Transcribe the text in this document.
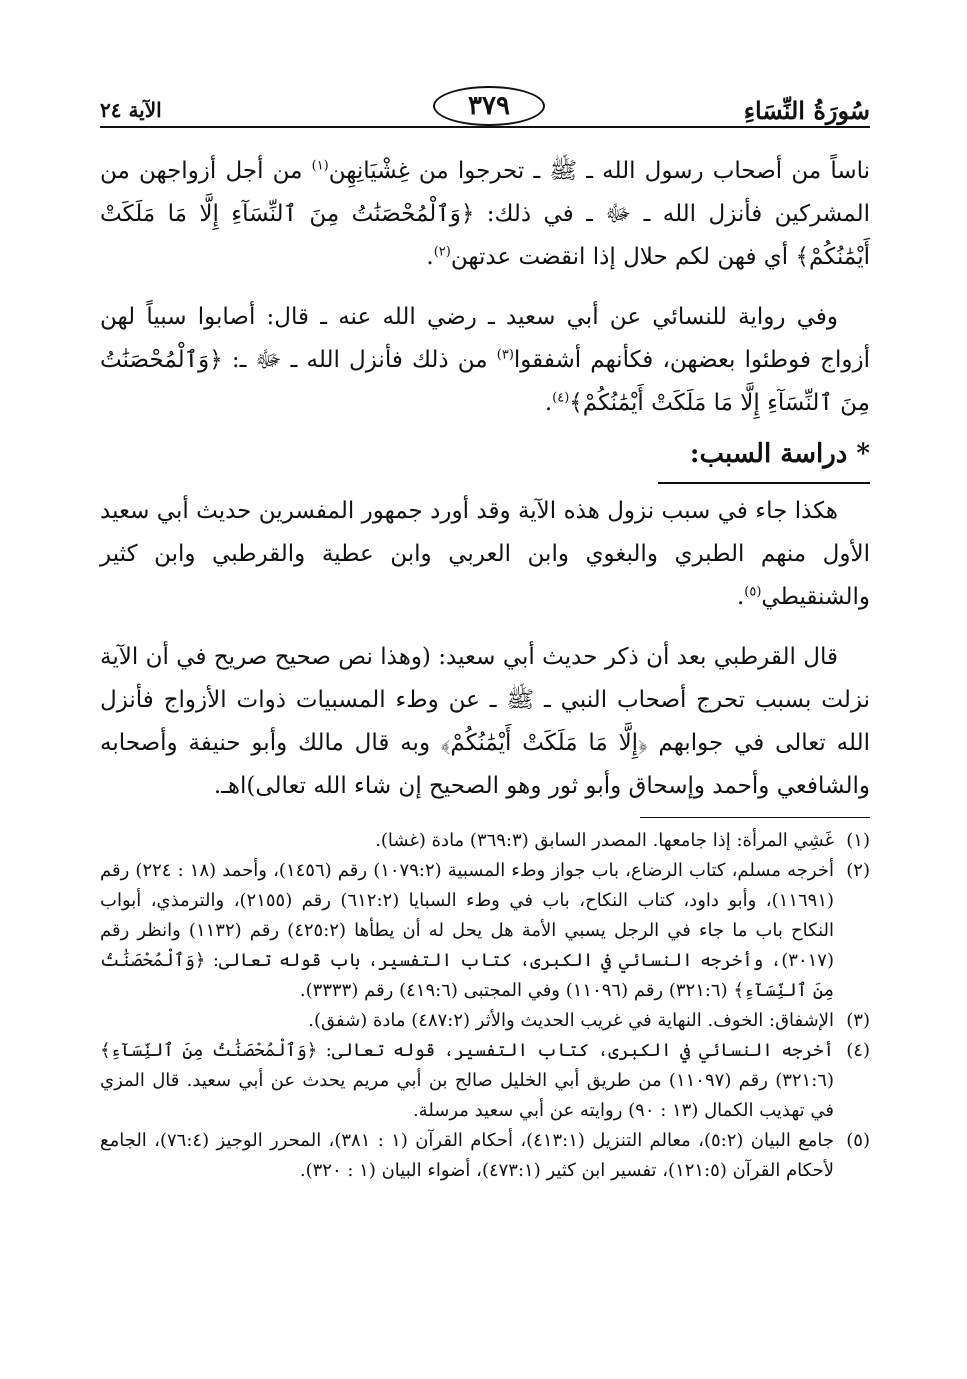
سُورَةُ النِّسَاءِ
٣٧٩
الآية ٢٤

ناساً من أصحاب رسول الله ـ ﷺ ـ تحرجوا من غِشْيَانِهِن$^{(١)}$ من أجل أزواجهن من المشركين فأنزل الله ـ ﷻ ـ في ذلك: ﴿وَٱلْمُحْصَنَٰتُ مِنَ ٱلنِّسَآءِ إِلَّا مَا مَلَكَتْ أَيْمَٰنُكُمْ﴾ أي فهن لكم حلال إذا انقضت عدتهن$^{(٢)}$.

وفي رواية للنسائي عن أبي سعيد ـ رضي الله عنه ـ قال: أصابوا سبياً لهن أزواج فوطئوا بعضهن، فكأنهم أشفقوا$^{(٣)}$ من ذلك فأنزل الله ـ ﷻ ـ: ﴿وَٱلْمُحْصَنَٰتُ مِنَ ٱلنِّسَآءِ إِلَّا مَا مَلَكَتْ أَيْمَٰنُكُمْ﴾$^{(٤)}$.

* دراسة السبب:

هكذا جاء في سبب نزول هذه الآية وقد أورد جمهور المفسرين حديث أبي سعيد الأول منهم الطبري والبغوي وابن العربي وابن عطية والقرطبي وابن كثير والشنقيطي$^{(٥)}$.

قال القرطبي بعد أن ذكر حديث أبي سعيد: (وهذا نص صحيح صريح في أن الآية نزلت بسبب تحرج أصحاب النبي ـ ﷺ ـ عن وطء المسبيات ذوات الأزواج فأنزل الله تعالى في جوابهم ﴿إِلَّا مَا مَلَكَتْ أَيْمَٰنُكُمْ﴾ وبه قال مالك وأبو حنيفة وأصحابه والشافعي وأحمد وإسحاق وأبو ثور وهو الصحيح إن شاء الله تعالى)اهـ.

(١)
غَشِي المرأة: إذا جامعها. المصدر السابق (٣٦٩:٣) مادة (غشا).
(٢)
أخرجه مسلم، كتاب الرضاع، باب جواز وطء المسبية (١٠٧٩:٢) رقم (١٤٥٦)، وأحمد (١٨ : ٢٢٤) رقم (١١٦٩١)، وأبو داود، كتاب النكاح، باب في وطء السبايا (٦١٢:٢) رقم (٢١٥٥)، والترمذي، أبواب النكاح باب ما جاء في الرجل يسبي الأمة هل يحل له أن يطأها (٤٢٥:٢) رقم (١١٣٢) وانظر رقم (٣٠١٧)، وأخرجه النسائي في الكبرى، كتاب التفسير، باب قوله تعالى: ﴿وَٱلْمُحْصَنَٰتُ مِنَ ٱلنِّسَآءِ﴾ (٣٢١:٦) رقم (١١٠٩٦) وفي المجتبى (٤١٩:٦) رقم (٣٣٣٣).
(٣)
الإشفاق: الخوف. النهاية في غريب الحديث والأثر (٤٨٧:٢) مادة (شفق).
(٤)
أخرجه النسائي في الكبرى، كتاب التفسير، قوله تعالى: ﴿وَٱلْمُحْصَنَٰتُ مِنَ ٱلنِّسَآءِ﴾ (٣٢١:٦) رقم (١١٠٩٧) من طريق أبي الخليل صالح بن أبي مريم يحدث عن أبي سعيد. قال المزي في تهذيب الكمال (١٣ : ٩٠) روايته عن أبي سعيد مرسلة.
(٥)
جامع البيان (٥:٢)، معالم التنزيل (٤١٣:١)، أحكام القرآن (١ : ٣٨١)، المحرر الوجيز (٧٦:٤)، الجامع لأحكام القرآن (١٢١:٥)، تفسير ابن كثير (٤٧٣:١)، أضواء البيان (١ : ٣٢٠).
